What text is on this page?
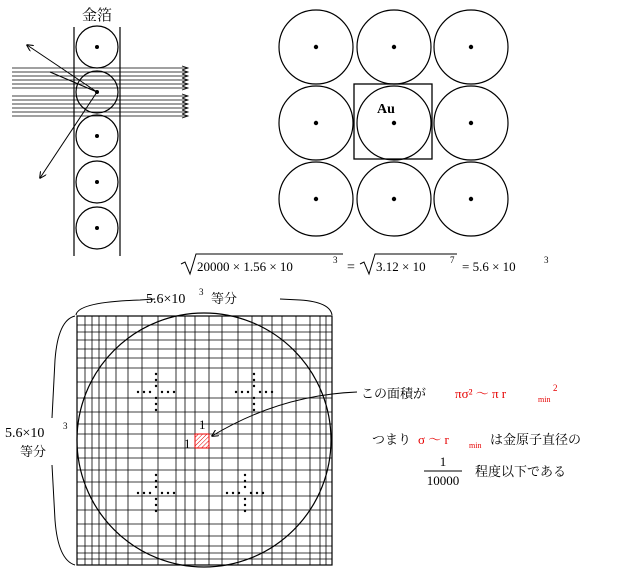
金箔
Au
20000 × 1.56 × 10	3 = 3.12 × 10	7 = 5.6 × 10	3
5.6×10 3 等分
5.6×10 3
等分
1
1
この面積が πσ² ～ π r	min
2
つまり σ ～ r	min は金原子直径の
1
10000
程度以下である
